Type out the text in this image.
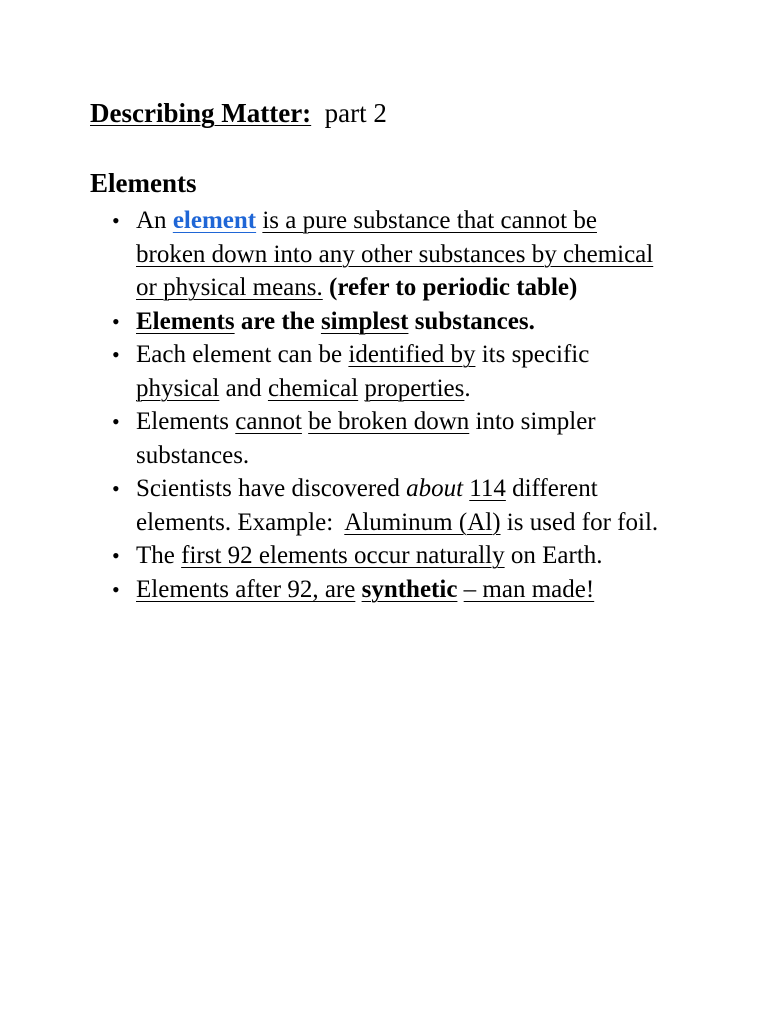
Describing Matter: part 2
Elements
• An element is a pure substance that cannot be broken down into any other substances by chemical or physical means. (refer to periodic table)
• Elements are the simplest substances.
• Each element can be identified by its specific physical and chemical properties.
• Elements cannot be broken down into simpler substances.
• Scientists have discovered about 114 different elements. Example: Aluminum (Al) is used for foil.
• The first 92 elements occur naturally on Earth.
• Elements after 92, are synthetic – man made!
